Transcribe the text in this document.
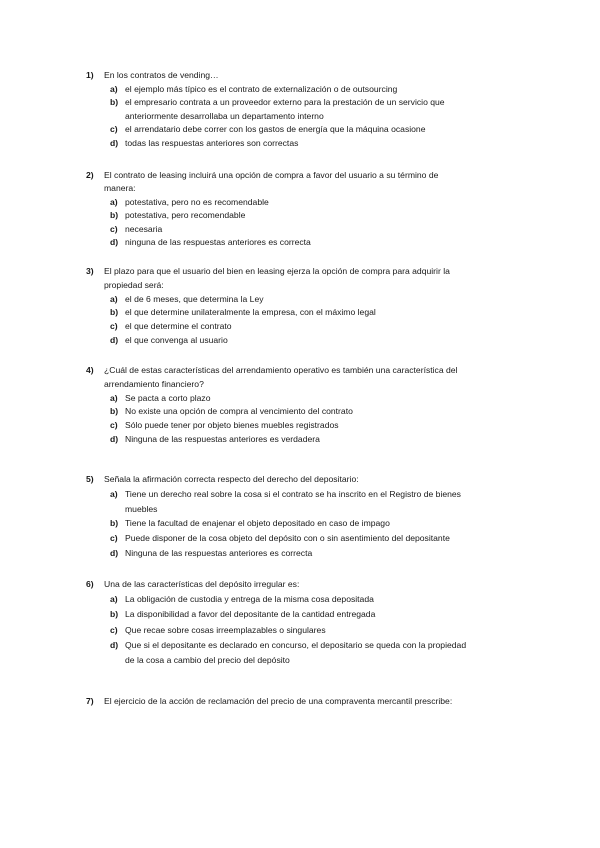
1) En los contratos de vending…
a) el ejemplo más típico es el contrato de externalización o de outsourcing
b) el empresario contrata a un proveedor externo para la prestación de un servicio que
anteriormente desarrollaba un departamento interno
c) el arrendatario debe correr con los gastos de energía que la máquina ocasione
d) todas las respuestas anteriores son correctas
2) El contrato de leasing incluirá una opción de compra a favor del usuario a su término de
manera:
a) potestativa, pero no es recomendable
b) potestativa, pero recomendable
c) necesaria
d) ninguna de las respuestas anteriores es correcta
3) El plazo para que el usuario del bien en leasing ejerza la opción de compra para adquirir la
propiedad será:
a) el de 6 meses, que determina la Ley
b) el que determine unilateralmente la empresa, con el máximo legal
c) el que determine el contrato
d) el que convenga al usuario
4) ¿Cuál de estas características del arrendamiento operativo es también una característica del
arrendamiento financiero?
a) Se pacta a corto plazo
b) No existe una opción de compra al vencimiento del contrato
c) Sólo puede tener por objeto bienes muebles registrados
d) Ninguna de las respuestas anteriores es verdadera
5) Señala la afirmación correcta respecto del derecho del depositario:
a) Tiene un derecho real sobre la cosa si el contrato se ha inscrito en el Registro de bienes
muebles
b) Tiene la facultad de enajenar el objeto depositado en caso de impago
c) Puede disponer de la cosa objeto del depósito con o sin asentimiento del depositante
d) Ninguna de las respuestas anteriores es correcta
6) Una de las características del depósito irregular es:
a) La obligación de custodia y entrega de la misma cosa depositada
b) La disponibilidad a favor del depositante de la cantidad entregada
c) Que recae sobre cosas irreemplazables o singulares
d) Que si el depositante es declarado en concurso, el depositario se queda con la propiedad
de la cosa a cambio del precio del depósito
7) El ejercicio de la acción de reclamación del precio de una compraventa mercantil prescribe:
